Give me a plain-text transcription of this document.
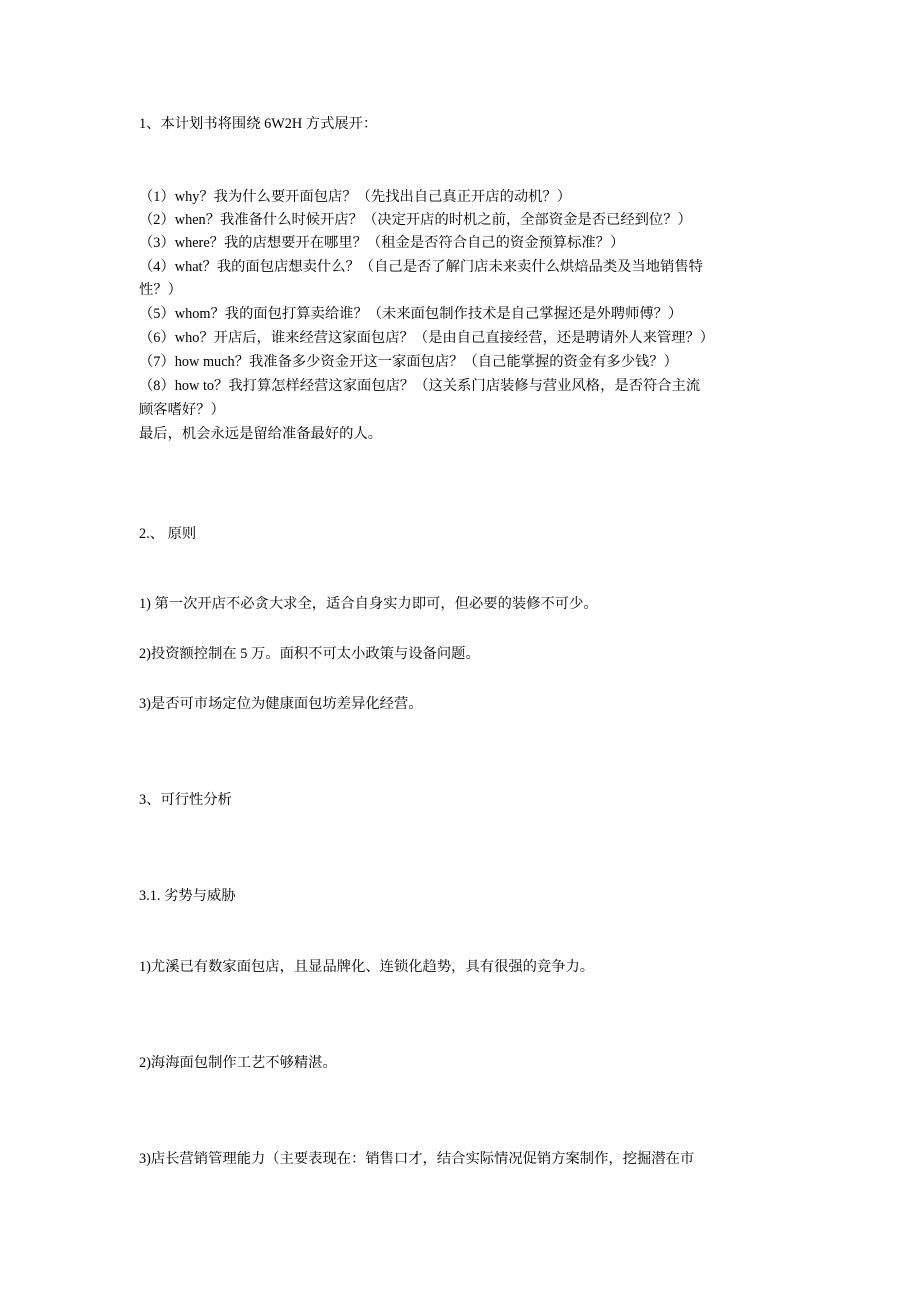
1、本计划书将围绕 6W2H 方式展开：
（1）why？我为什么要开面包店？（先找出自己真正开店的动机？）
（2）when？我准备什么时候开店？（决定开店的时机之前，全部资金是否已经到位？）
（3）where？我的店想要开在哪里？（租金是否符合自己的资金预算标准？）
（4）what？我的面包店想卖什么？（自己是否了解门店未来卖什么烘焙品类及当地销售特
性？）
（5）whom？我的面包打算卖给谁？（未来面包制作技术是自己掌握还是外聘师傅？）
（6）who？开店后，谁来经营这家面包店？（是由自己直接经营，还是聘请外人来管理？）
（7）how much？我准备多少资金开这一家面包店？（自己能掌握的资金有多少钱？）
（8）how to？我打算怎样经营这家面包店？（这关系门店装修与营业风格，是否符合主流
顾客嗜好？）
最后，机会永远是留给准备最好的人。
2.、 原则
1) 第一次开店不必贪大求全，适合自身实力即可，但必要的装修不可少。
2)投资额控制在 5 万。面积不可太小政策与设备问题。
3)是否可市场定位为健康面包坊差异化经营。
3、可行性分析
3.1. 劣势与威胁
1)尤溪已有数家面包店，且显品牌化、连锁化趋势，具有很强的竞争力。
2)海海面包制作工艺不够精湛。
3)店长营销管理能力（主要表现在：销售口才，结合实际情况促销方案制作，挖掘潜在市
